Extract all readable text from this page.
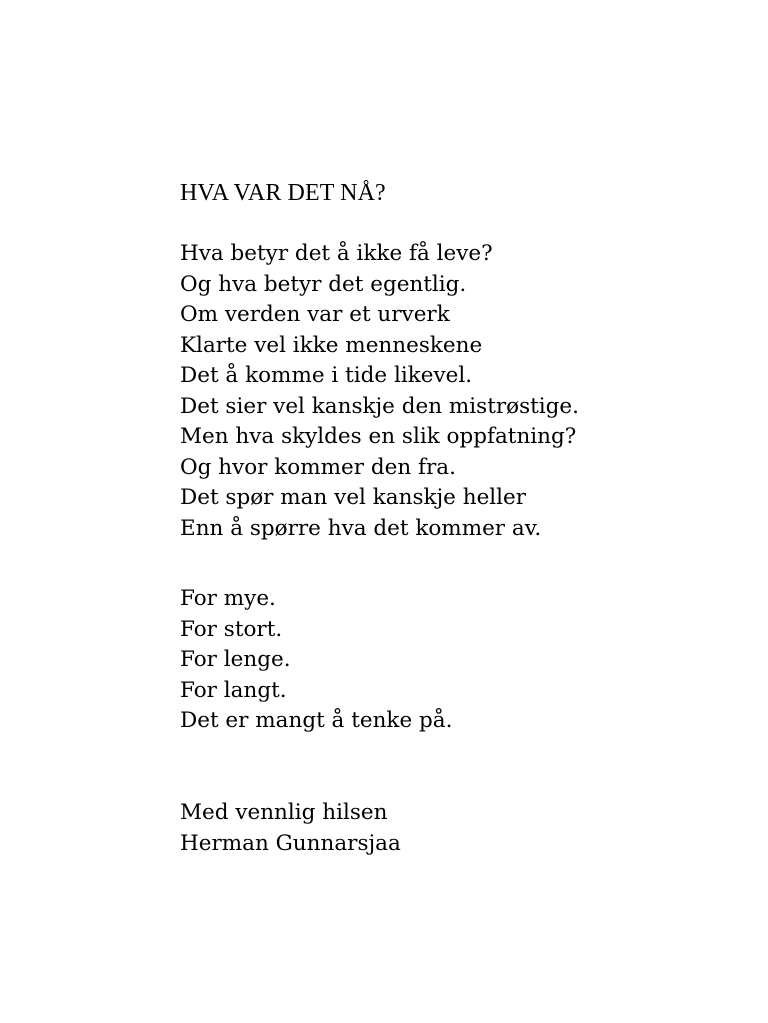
HVA VAR DET NÅ?
Hva betyr det å ikke få leve?
Og hva betyr det egentlig.
Om verden var et urverk
Klarte vel ikke menneskene
Det å komme i tide likevel.
Det sier vel kanskje den mistrøstige.
Men hva skyldes en slik oppfatning?
Og hvor kommer den fra.
Det spør man vel kanskje heller
Enn å spørre hva det kommer av.
For mye.
For stort.
For lenge.
For langt.
Det er mangt å tenke på.
Med vennlig hilsen
Herman Gunnarsjaa
